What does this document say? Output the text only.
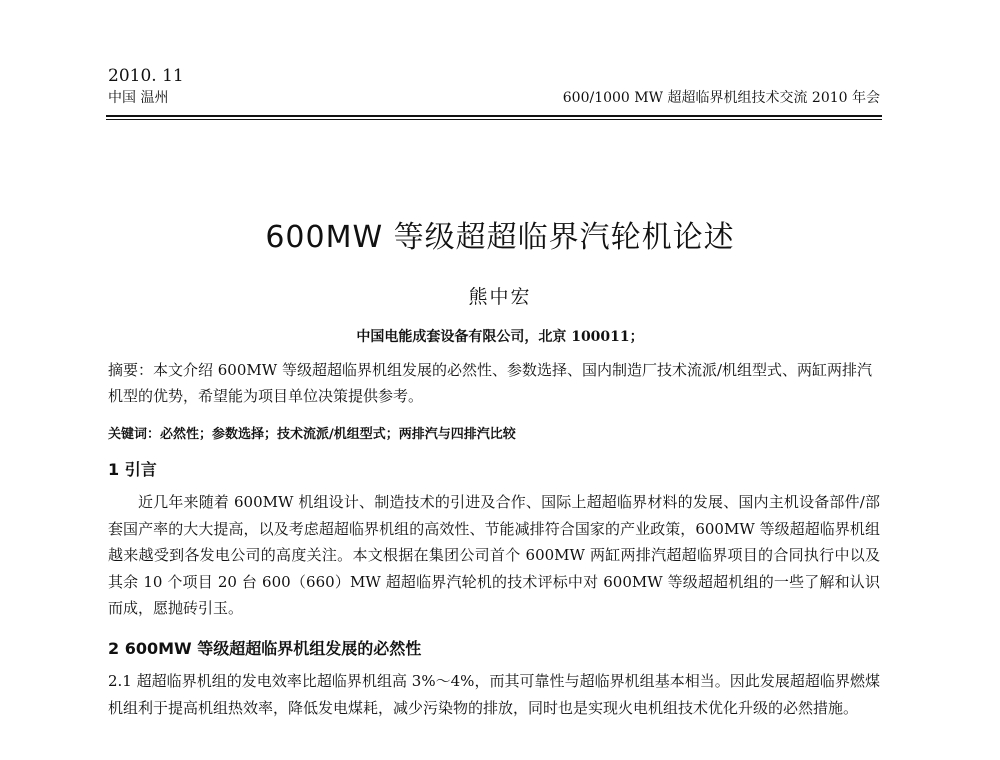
2010. 11
中国 温州	600/1000 MW 超超临界机组技术交流 2010 年会
600MW 等级超超临界汽轮机论述
熊中宏
中国电能成套设备有限公司，北京 100011；
摘要：本文介绍 600MW 等级超超临界机组发展的必然性、参数选择、国内制造厂技术流派/机组型式、两缸两排汽机型的优势，希望能为项目单位决策提供参考。
关键词：必然性；参数选择；技术流派/机组型式；两排汽与四排汽比较
1 引言
近几年来随着 600MW 机组设计、制造技术的引进及合作、国际上超超临界材料的发展、国内主机设备部件/部套国产率的大大提高，以及考虑超超临界机组的高效性、节能减排符合国家的产业政策，600MW 等级超超临界机组越来越受到各发电公司的高度关注。本文根据在集团公司首个 600MW 两缸两排汽超超临界项目的合同执行中以及其余 10 个项目 20 台 600（660）MW 超超临界汽轮机的技术评标中对 600MW 等级超超机组的一些了解和认识而成，愿抛砖引玉。
2 600MW 等级超超临界机组发展的必然性
2.1 超超临界机组的发电效率比超临界机组高 3%～4%，而其可靠性与超临界机组基本相当。因此发展超超临界燃煤机组利于提高机组热效率，降低发电煤耗，减少污染物的排放，同时也是实现火电机组技术优化升级的必然措施。
